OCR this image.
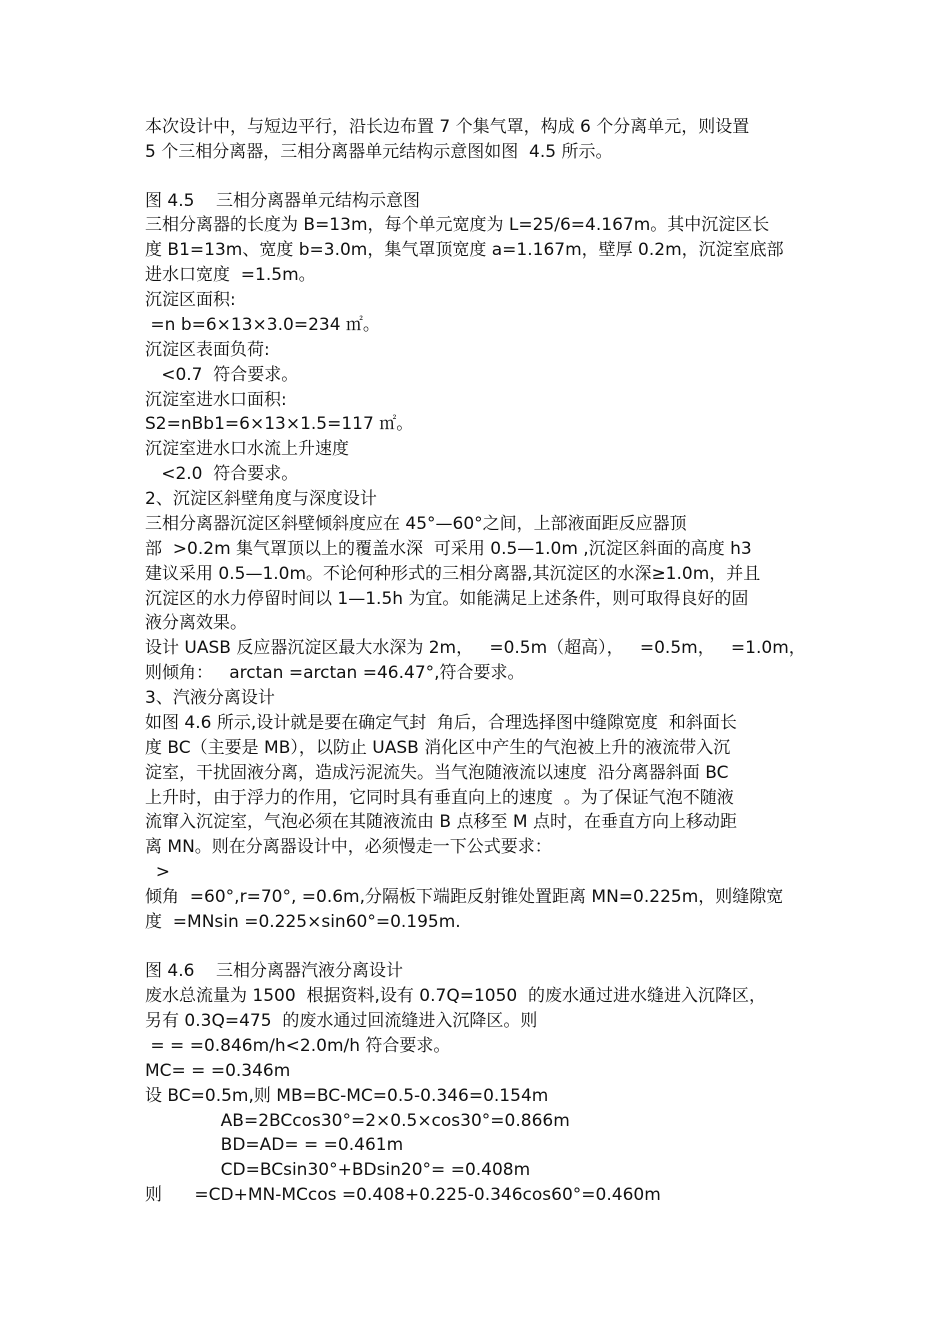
本次设计中，与短边平行，沿长边布置 7 个集气罩，构成 6 个分离单元，则设置
5 个三相分离器，三相分离器单元结构示意图如图  4.5 所示。
图 4.5    三相分离器单元结构示意图
三相分离器的长度为 B=13m，每个单元宽度为 L=25/6=4.167m。其中沉淀区长
度 B1=13m、宽度 b=3.0m，集气罩顶宽度 a=1.167m，壁厚 0.2m，沉淀室底部
进水口宽度  =1.5m。
沉淀区面积:
=n b=6×13×3.0=234 ㎡。
沉淀区表面负荷:
<0.7  符合要求。
沉淀室进水口面积:
S2=nBb1=6×13×1.5=117 ㎡。
沉淀室进水口水流上升速度
<2.0  符合要求。
2、沉淀区斜壁角度与深度设计
三相分离器沉淀区斜壁倾斜度应在 45°—60°之间，上部液面距反应器顶
部  >0.2m 集气罩顶以上的覆盖水深  可采用 0.5—1.0m ,沉淀区斜面的高度 h3
建议采用 0.5—1.0m。不论何种形式的三相分离器,其沉淀区的水深≥1.0m，并且
沉淀区的水力停留时间以 1—1.5h 为宜。如能满足上述条件，则可取得良好的固
液分离效果。
设计 UASB 反应器沉淀区最大水深为 2m，   =0.5m（超高），   =0.5m，   =1.0m，
则倾角：   arctan =arctan =46.47°,符合要求。
3、汽液分离设计
如图 4.6 所示,设计就是要在确定气封  角后，合理选择图中缝隙宽度  和斜面长
度 BC（主要是 MB），以防止 UASB 消化区中产生的气泡被上升的液流带入沉
淀室，干扰固液分离，造成污泥流失。当气泡随液流以速度  沿分离器斜面 BC
上升时，由于浮力的作用，它同时具有垂直向上的速度  。为了保证气泡不随液
流窜入沉淀室，气泡必须在其随液流由 B 点移至 M 点时，在垂直方向上移动距
离 MN。则在分离器设计中，必须慢走一下公式要求：
>
倾角  =60°,r=70°, =0.6m,分隔板下端距反射锥处置距离 MN=0.225m，则缝隙宽
度  =MNsin =0.225×sin60°=0.195m.
图 4.6    三相分离器汽液分离设计
废水总流量为 1500  根据资料,设有 0.7Q=1050  的废水通过进水缝进入沉降区，
另有 0.3Q=475  的废水通过回流缝进入沉降区。则
= = =0.846m/h<2.0m/h 符合要求。
MC= = =0.346m
设 BC=0.5m,则 MB=BC-MC=0.5-0.346=0.154m
AB=2BCcos30°=2×0.5×cos30°=0.866m
BD=AD= = =0.461m
CD=BCsin30°+BDsin20°= =0.408m
则      =CD+MN-MCcos =0.408+0.225-0.346cos60°=0.460m
